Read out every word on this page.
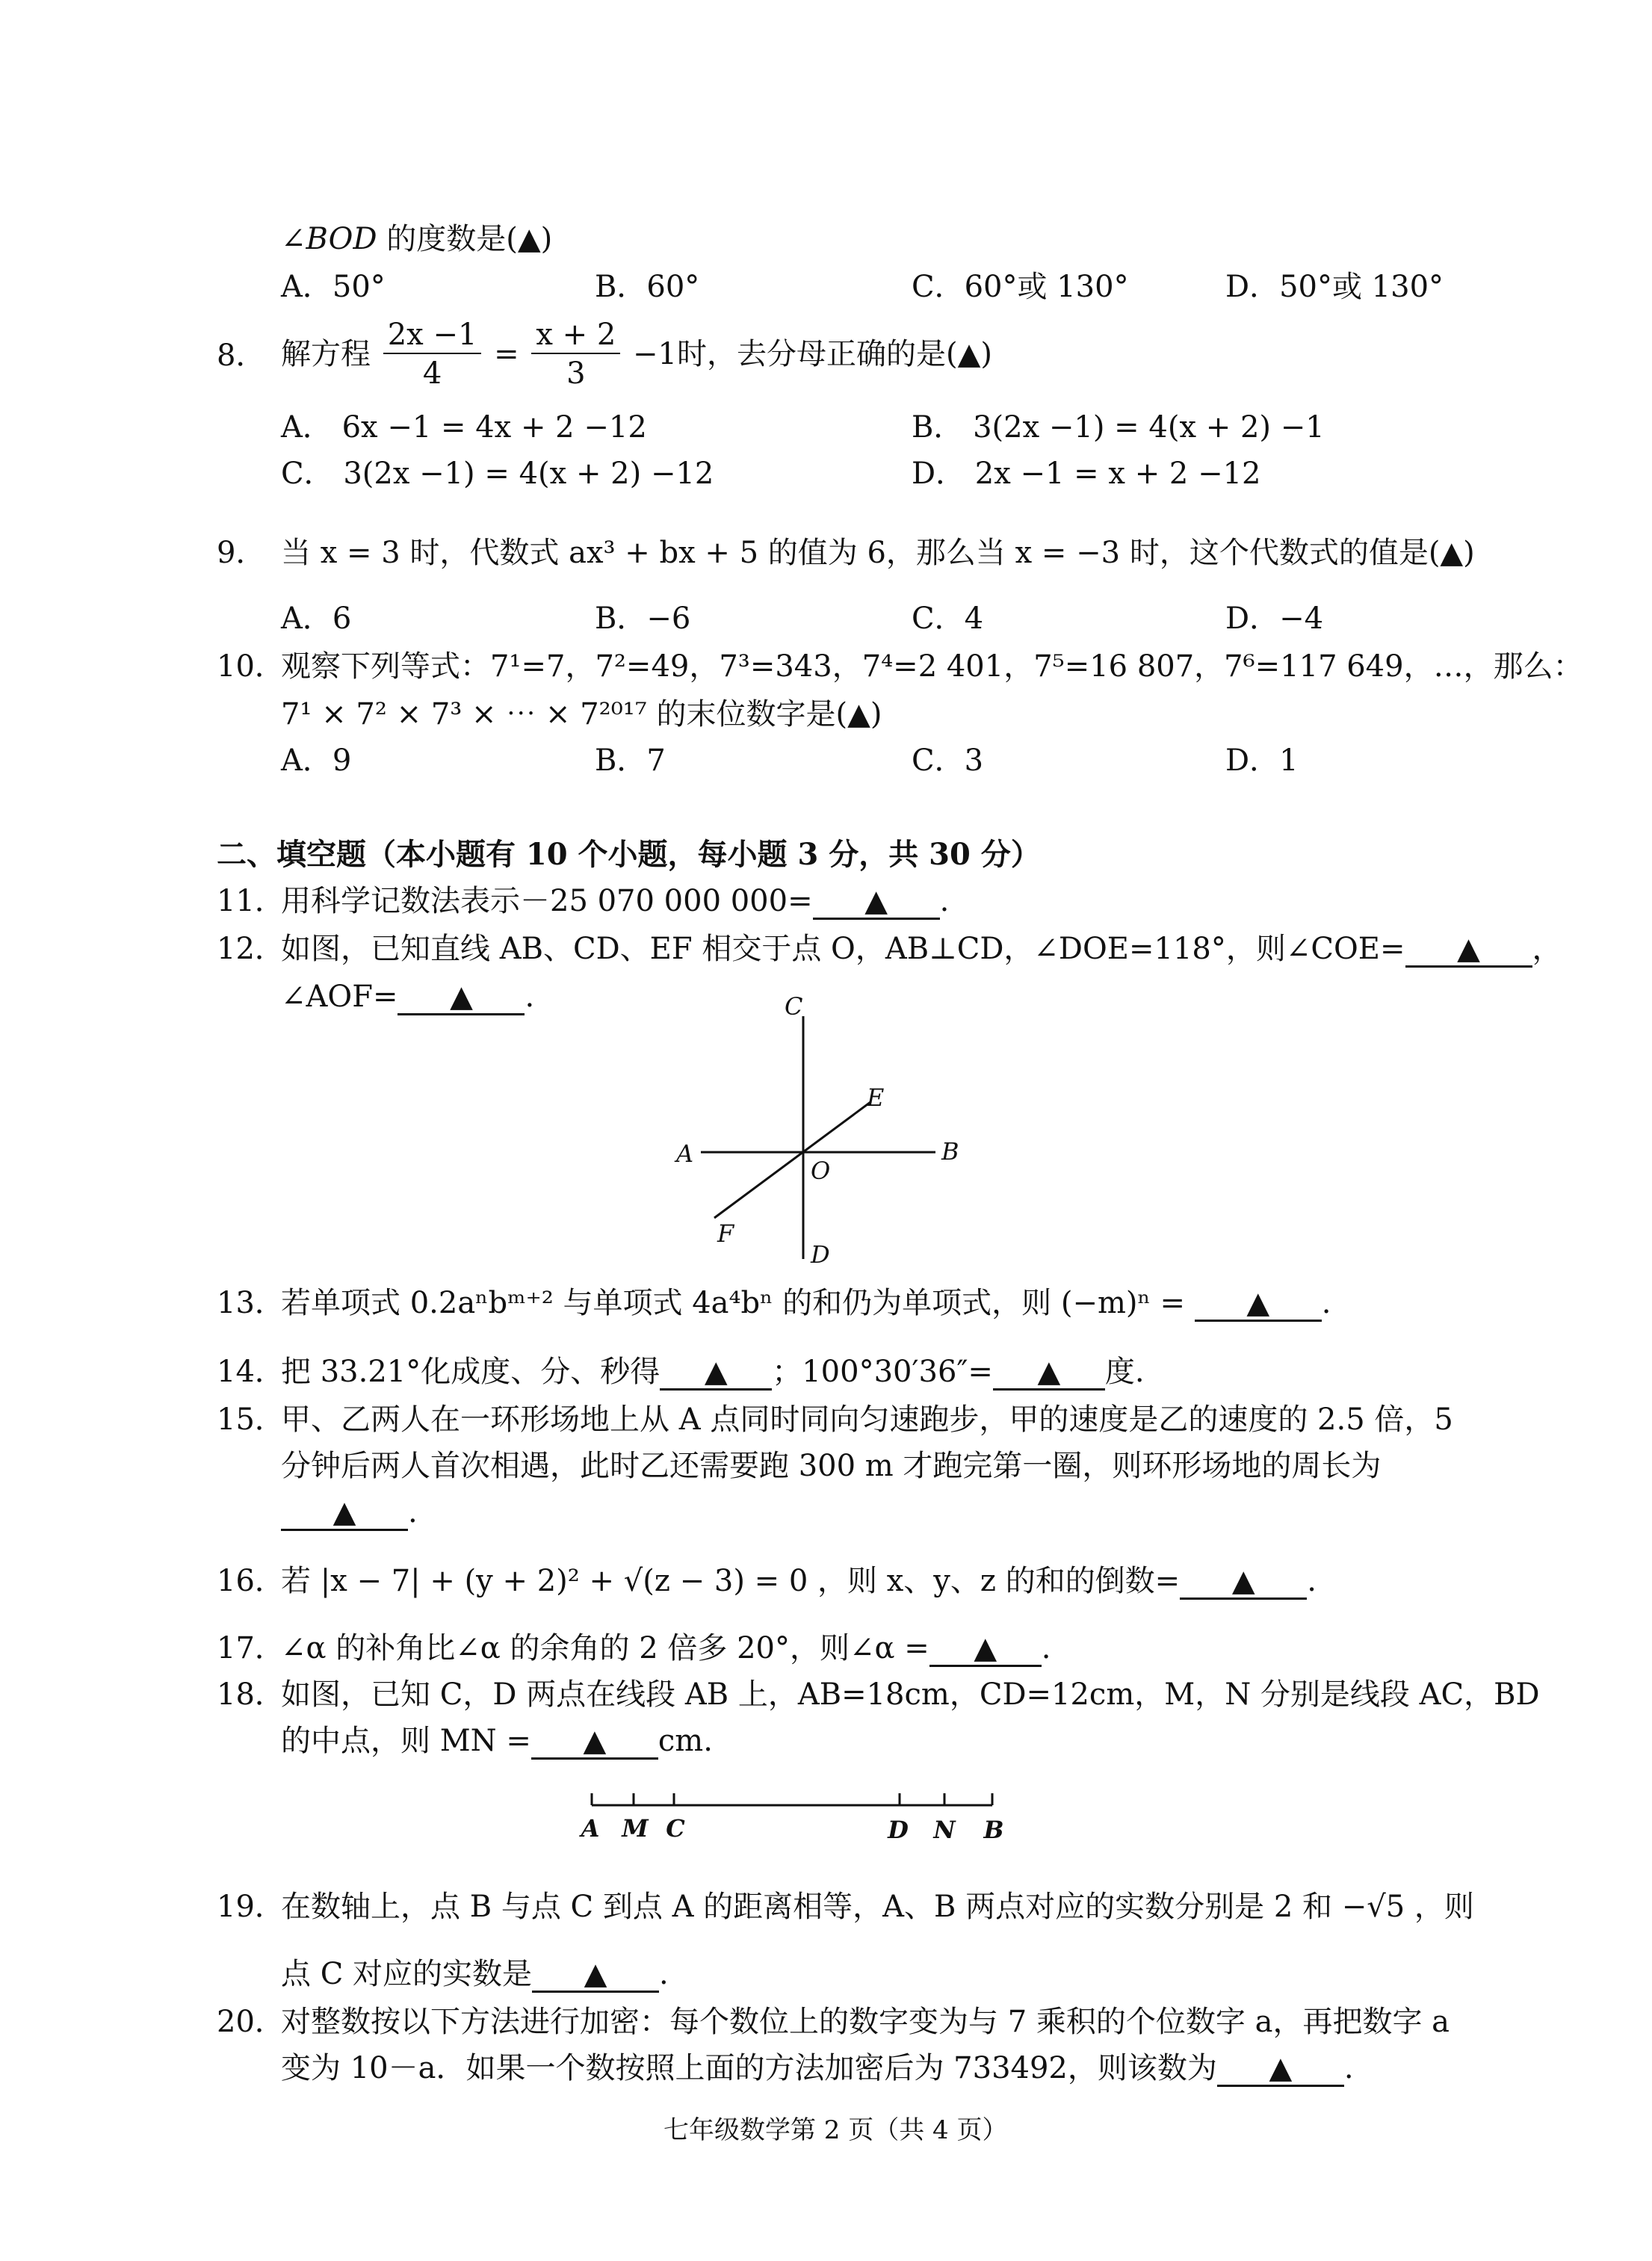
∠BOD 的度数是(▲)
A．50°	B．60°	C．60°或 130°	D．50°或 130°
8． 解方程 $\frac{2x -1}{4} = \frac{x + 2}{3} -1$时，去分母正确的是(▲)
A． 6x −1 = 4x + 2 −12	B． 3(2x −1) = 4(x + 2) −1
C． 3(2x −1) = 4(x + 2) −12	D． 2x −1 = x + 2 −12
9． 当 x = 3 时，代数式 ax³ + bx + 5 的值为 6，那么当 x = −3 时，这个代数式的值是(▲)
A．6	B．−6	C．4	D．−4
10．
观察下列等式：7¹=7，7²=49，7³=343，7⁴=2 401，7⁵=16 807，7⁶=117 649，…，那么：
7¹ × 7² × 7³ × ⋯ × 7²⁰¹⁷ 的末位数字是(▲)
A．9	B．7	C．3	D．1
二、填空题（本小题有 10 个小题，每小题 3 分，共 30 分）
11．
用科学记数法表示－25 070 000 000= ▲ .
12．
如图，已知直线 AB、CD、EF 相交于点 O，AB⊥CD，∠DOE=118°，则∠COE= ▲ ，
∠AOF= ▲ .	C
E
A
O
B
F
D
13．
若单项式 0.2aⁿbᵐ⁺² 与单项式 4a⁴bⁿ 的和仍为单项式，则 (−m)ⁿ = ▲ .
14．
把 33.21°化成度、分、秒得 ▲ ；100°30′36″= ▲ 度.
15．
甲、乙两人在一环形场地上从 A 点同时同向匀速跑步，甲的速度是乙的速度的 2.5 倍，5
分钟后两人首次相遇，此时乙还需要跑 300 m 才跑完第一圈，则环形场地的周长为
▲ .
16．
若 |x − 7| + (y + 2)² + √(z − 3) = 0 ，则 x、y、z 的和的倒数= ▲ .
17．
∠α 的补角比∠α 的余角的 2 倍多 20°，则∠α = ▲ .
18．
如图，已知 C，D 两点在线段 AB 上，AB=18cm，CD=12cm，M，N 分别是线段 AC，BD
的中点，则 MN = ▲ cm.
A M C	D N B
19．
在数轴上，点 B 与点 C 到点 A 的距离相等，A、B 两点对应的实数分别是 2 和 −√5 ，则
点 C 对应的实数是 ▲ .
20．
对整数按以下方法进行加密：每个数位上的数字变为与 7 乘积的个位数字 a，再把数字 a
变为 10－a．如果一个数按照上面的方法加密后为 733492，则该数为 ▲ .
七年级数学第 2 页（共 4 页）
